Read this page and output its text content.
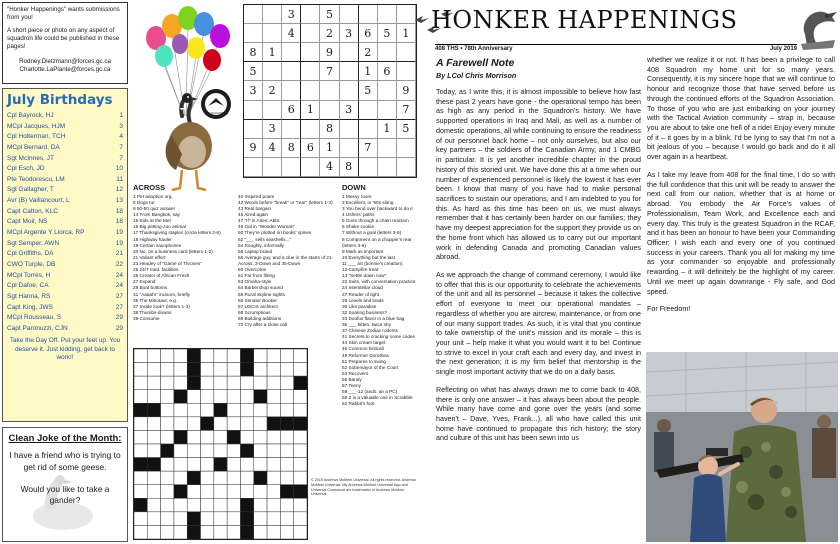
"Honker Happenings" wants submissions from you!
A short piece or photo on any aspect of squadron life could be published in these pages!
Rodney.Dietzmann@forces.gc.ca
Charlotte.LaPlante@forces.gc.ca
July Birthdays
Cpl Bayrock, HJ	1
MCpl Jacques, HJM	3
Cpl Holterman, TCH	4
MCpl Bernard, DA	7
Sgt McInnes, JT	7
Cpl Esch, JD	10
Pte Teodorescu, LM	11
Sgt Gallagher, T	12
Avr (B) Vaillancourt, L	13
Capt Catton, KLC	18
Capt Moir, NS	18
MCpl Argente Y Llorca, RP	19
Sgt Semper, AWN	19
Cpl Griffiths, DA	21
CWO Turple, DB	22
MCpl Torres, H	24
Cpl Dafoe, CA	24
Sgt Hanna, RS	27
Capt King, JWS	27
MCpl Rousseau, S	29
Capt Paronuzzi, CJN	29
Take the Day Off. Put your feet up. You deserve it. Just kidding, get back to work!!
Clean Joke of the Month:
I have a friend who is trying to get rid of some geese.
Would you like to take a gander?
408 SQUADRON
3	5
4	2	3	6	5	1
8	1	9	2
5	7	1	6
3	2	5	9
6	1	3	7
3	8	1	5
9	4	8	6	1	7
4	8
ACROSS
1 Pet adoption org.
5 Dogs tur
9 50-50 quiz answer
14 From Bangkok, say
15 Kids at the Met
16 Big petting-zoo animal
17 Thanksgiving staples (circle letters 2-6)
18 Highway hauler
19 Certain saxophones
20 No, on a business card (letters 1-2)
21 Valiant effort
23 Headey of "Game of Thrones"
25 24/7 med. facilities
26 Creator of African Fresh
27 Expand
29 Boat bottoms
31 "Aaaah!" incisors, briefly
35 The Minotaur, e.g.
37 Inside look? (letters 1-3)
38 Thumbs-downs
39 Consume
40 Inspired poem
42 Words before "break" or "rear" (letters 1-3)
43 Real bargain
45 Aired again
47 "If" in Arles: Abbr.
48 Gal in "Wonder Woman"
50 They're plotted on books' spines
52 "___ sells seashells..."
54 Roughly, informally
55 Laptop brand
56 Average guy, and a clue in the starts of 21-Across, 3-Down and 35-Down
60 Overcome
61 Far from fitting
63 Omaha-style
64 Barbershop sound
65 Rural skyline sights
66 Senator Booker
67 USCIS architect
68 Scrumptious
69 Building additions
70 Cry after a close call
DOWN
1 Messy room
2 Excellent, in '90s slang
3 You bend over backward to do it
4 Ushers' paths
5 Goes through a chain reaction
6 Shake cookie
7 Without a goal (letters 3-5)
8 Component on a chopper's rear (letters 3-6)
9 Mark as important
10 Everything but the last
11 ___ art (bonnie's creation)
12 Campfire treat
13 "Settle down now"
22 Suits, with conversation practice
24 Interstellar cloud
27 Reader of light
28 Levels and loads
30 Like paradise
32 Soaring business?
33 Doofus flavor in a blue bag
36 ___ bitten, twice shy
37 Chinese Zodiac rodents
41 Secrets to cracking some codes
44 Skin cream target
46 Common birdcall
49 Reformer Dorothea
51 Prepares to swing
52 Sobemayor of the Court
53 Recovers
55 Bandy
57 Teeny
58 ___-12 (ands. an a PC)
59 Z is a valuable one in Scrabble
62 Rabbit's foot
© 2019 Andrews McMeel Universal. All rights reserved. Andrews McMeel Universal, My Andrews McMeel Universal logo and Universal Crossword are trademarks of Andrews McMeel Universal.
HONKER HAPPENINGS
408 THS • 78th Anniversary	July 2019
A Farewell Note
By LCol Chris Morrison

Today, as I write this, it is almost impossible to believe how fast these past 2 years have gone - the operational tempo has been as high as any period in the Squadron's history. We have supported operations in Iraq and Mali, as well as a number of domestic operations, all while continuing to ensure the readiness of our personnel back home – not only ourselves, but also our key partners – the soldiers of the Canadian Army, and 1 CMBG in particular. It is yet another incredible chapter in the proud history of this storied unit. We have done this at a time when our number of experienced personnel is likely the lowest it has ever been. I know that many of you have had to make personal sacrifices to sustain our operations, and I am indebted to you for this. As hard as this time has been on us, we must always remember that it has certainly been harder on our families; they have my deepest appreciation for the support they provide us on the home front which has allowed us to carry out our important work in defending Canada and promoting Canadian values abroad.

As we approach the change of command ceremony, I would like to offer that this is our opportunity to celebrate the achievements of the unit and all its personnel – because it takes the collective effort of everyone to meet our operational mandates – regardless of whether you are aircrew, maintenance, or from one of our many support trades. As such, it is vital that you continue to take ownership of the unit's mission and its morale – this is your unit – help make it what you would want it to be! Continue to strive to excel in your craft each and every day, and invest in the next generation; it is my firm belief that mentorship is the single most important activity that we do on a daily basis.

Reflecting on what has always drawn me to come back to 408, there is only one answer – it has always been about the people. While many have come and gone over the years (and some haven't – Dave, Yves, Frank...), all who have called this unit home have continued to propagate this rich history; the story and culture of this unit has been sewn into us

whether we realize it or not. It has been a privilege to call 408 Squadron my home unit for so many years. Consequently, it is my sincere hope that we will continue to honour and recognize those that have served before us through the continued efforts of the Squadron Association. To those of you who are just embarking on your journey with the Tactical Aviation community – strap in, because you are about to take one hell of a ride! Enjoy every minute of it – it goes by in a blink. I'd be lying to say that I'm not a bit jealous of you – because I would go back and do it all over again in a heartbeat.

As I take my leave from 408 for the final time, I do so with the full confidence that this unit will be ready to answer the next call from our nation, whether that is at home or abroad. You embody the Air Force's values of Professionalism, Team Work, and Excellence each and every day. This truly is the greatest Squadron in the RCAF, and it has been an honour to have been your Commanding Officer; I wish each and every one of you continued success in your careers. Thank you all for making my time as your commander so enjoyable and professionally rewarding – it will definitely be the highlight of my career. Until we meet up again downrange - Fly safe, and God speed.

For Freedom!
